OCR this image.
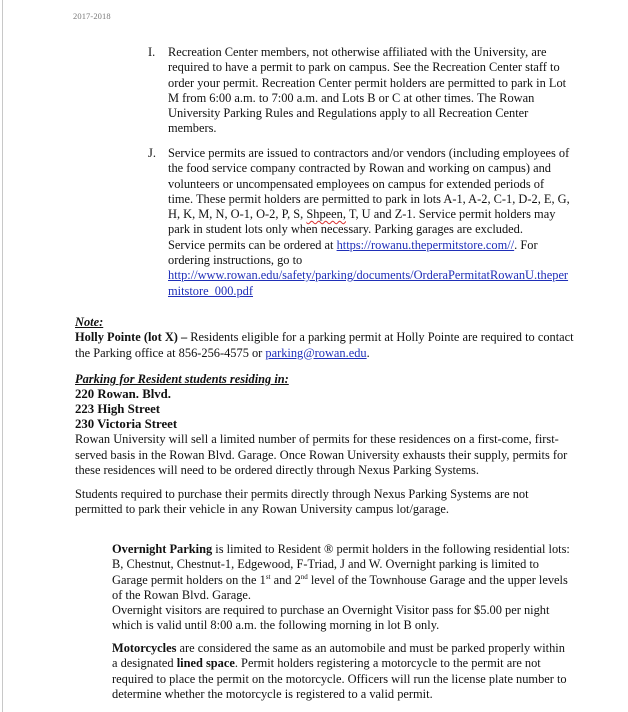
2017-2018
I.	Recreation Center members, not otherwise affiliated with the University, are required to have a permit to park on campus. See the Recreation Center staff to order your permit. Recreation Center permit holders are permitted to park in Lot M from 6:00 a.m. to 7:00 a.m. and Lots B or C at other times. The Rowan University Parking Rules and Regulations apply to all Recreation Center members.

J. Service permits are issued to contractors and/or vendors (including employees of the food service company contracted by Rowan and working on campus) and volunteers or uncompensated employees on campus for extended periods of time. These permit holders are permitted to park in lots A-1, A-2, C-1, D-2, E, G, H, K, M, N, O-1, O-2, P, S, Shpeen, T, U and Z-1. Service permit holders may park in student lots only when necessary. Parking garages are excluded.

Service permits can be ordered at https://rowanu.thepermitstore.com//. For ordering instructions, go to
http://www.rowan.edu/safety/parking/documents/OrderaPermitatRowanU.thepermitstore_000.pdf

Note:

Holly Pointe (lot X) – Residents eligible for a parking permit at Holly Pointe are required to contact the Parking office at 856-256-4575 or parking@rowan.edu.

Parking for Resident students residing in:

220 Rowan. Blvd.

223 High Street

230 Victoria Street

Rowan University will sell a limited number of permits for these residences on a first-come, first-served basis in the Rowan Blvd. Garage. Once Rowan University exhausts their supply, permits for these residences will need to be ordered directly through Nexus Parking Systems.

Students required to purchase their permits directly through Nexus Parking Systems are not permitted to park their vehicle in any Rowan University campus lot/garage.

Overnight Parking is limited to Resident ® permit holders in the following residential lots: B, Chestnut, Chestnut-1, Edgewood, F-Triad, J and W. Overnight parking is limited to Garage permit holders on the 1st and 2nd level of the Townhouse Garage and the upper levels of the Rowan Blvd. Garage.

Overnight visitors are required to purchase an Overnight Visitor pass for $5.00 per night which is valid until 8:00 a.m. the following morning in lot B only.

Motorcycles are considered the same as an automobile and must be parked properly within a designated lined space. Permit holders registering a motorcycle to the permit are not required to place the permit on the motorcycle. Officers will run the license plate number to determine whether the motorcycle is registered to a valid permit.
